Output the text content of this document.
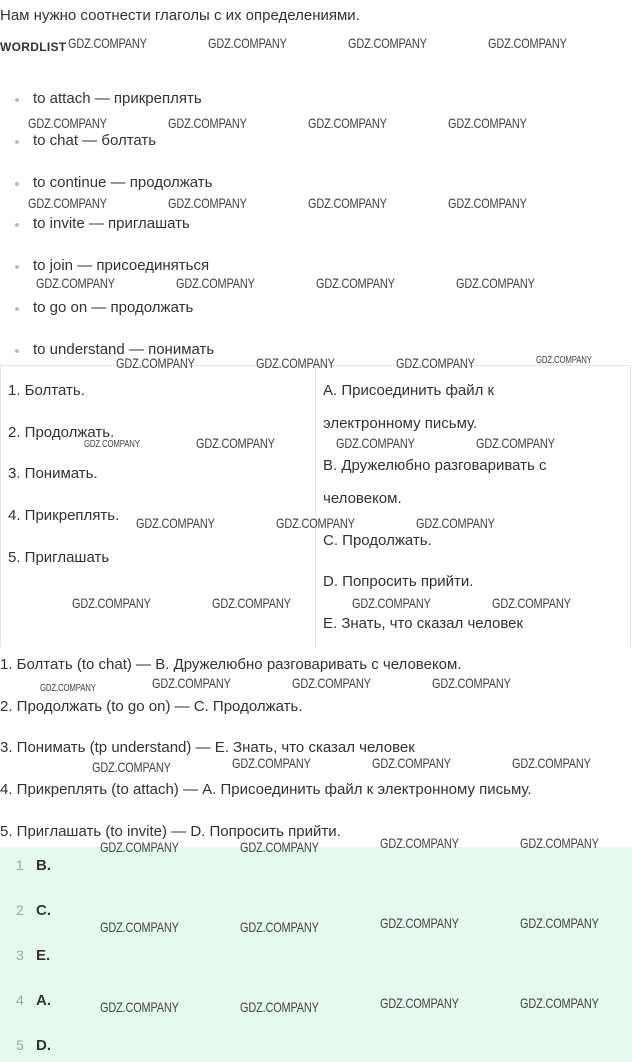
Нам нужно соотнести глаголы с их определениями.
WORDLIST
to attach — прикреплять
to chat — болтать
to continue — продолжать
to invite — приглашать
to join — присоединяться
to go on — продолжать
to understand — понимать
1. Болтать.
2. Продолжать.
3. Понимать.
4. Прикреплять.
5. Приглашать
A. Присоединить файл к
электронному письму.
B. Дружелюбно разговаривать с
человеком.
C. Продолжать.
D. Попросить прийти.
E. Знать, что сказал человек
1. Болтать (to chat) — B. Дружелюбно разговаривать с человеком.
2. Продолжать (to go on) — C. Продолжать.
3. Понимать (tp understand) — E. Знать, что сказал человек
4. Прикреплять (to attach) — A. Присоединить файл к электронному письму.
5. Приглашать (to invite) — D. Попросить прийти.
1 B.
2 C.
3 E.
4 A.
5 D.
GDZ.COMPANY	GDZ.COMPANY	GDZ.COMPANY	GDZ.COMPANY
GDZ.COMPANY	GDZ.COMPANY	GDZ.COMPANY	GDZ.COMPANY
GDZ.COMPANY	GDZ.COMPANY	GDZ.COMPANY	GDZ.COMPANY
GDZ.COMPANY	GDZ.COMPANY	GDZ.COMPANY	GDZ.COMPANY
GDZ.COMPANY	GDZ.COMPANY	GDZ.COMPANY	GDZ.COMPANY
GDZ.COMPANY	GDZ.COMPANY	GDZ.COMPANY	GDZ.COMPANY
GDZ.COMPANY	GDZ.COMPANY	GDZ.COMPANY
GDZ.COMPANY	GDZ.COMPANY	GDZ.COMPANY	GDZ.COMPANY
GDZ.COMPANY	GDZ.COMPANY	GDZ.COMPANY	GDZ.COMPANY
GDZ.COMPANY	GDZ.COMPANY	GDZ.COMPANY	GDZ.COMPANY
GDZ.COMPANY	GDZ.COMPANY	GDZ.COMPANY	GDZ.COMPANY
GDZ.COMPANY	GDZ.COMPANY	GDZ.COMPANY	GDZ.COMPANY
GDZ.COMPANY	GDZ.COMPANY	GDZ.COMPANY	GDZ.COMPANY
